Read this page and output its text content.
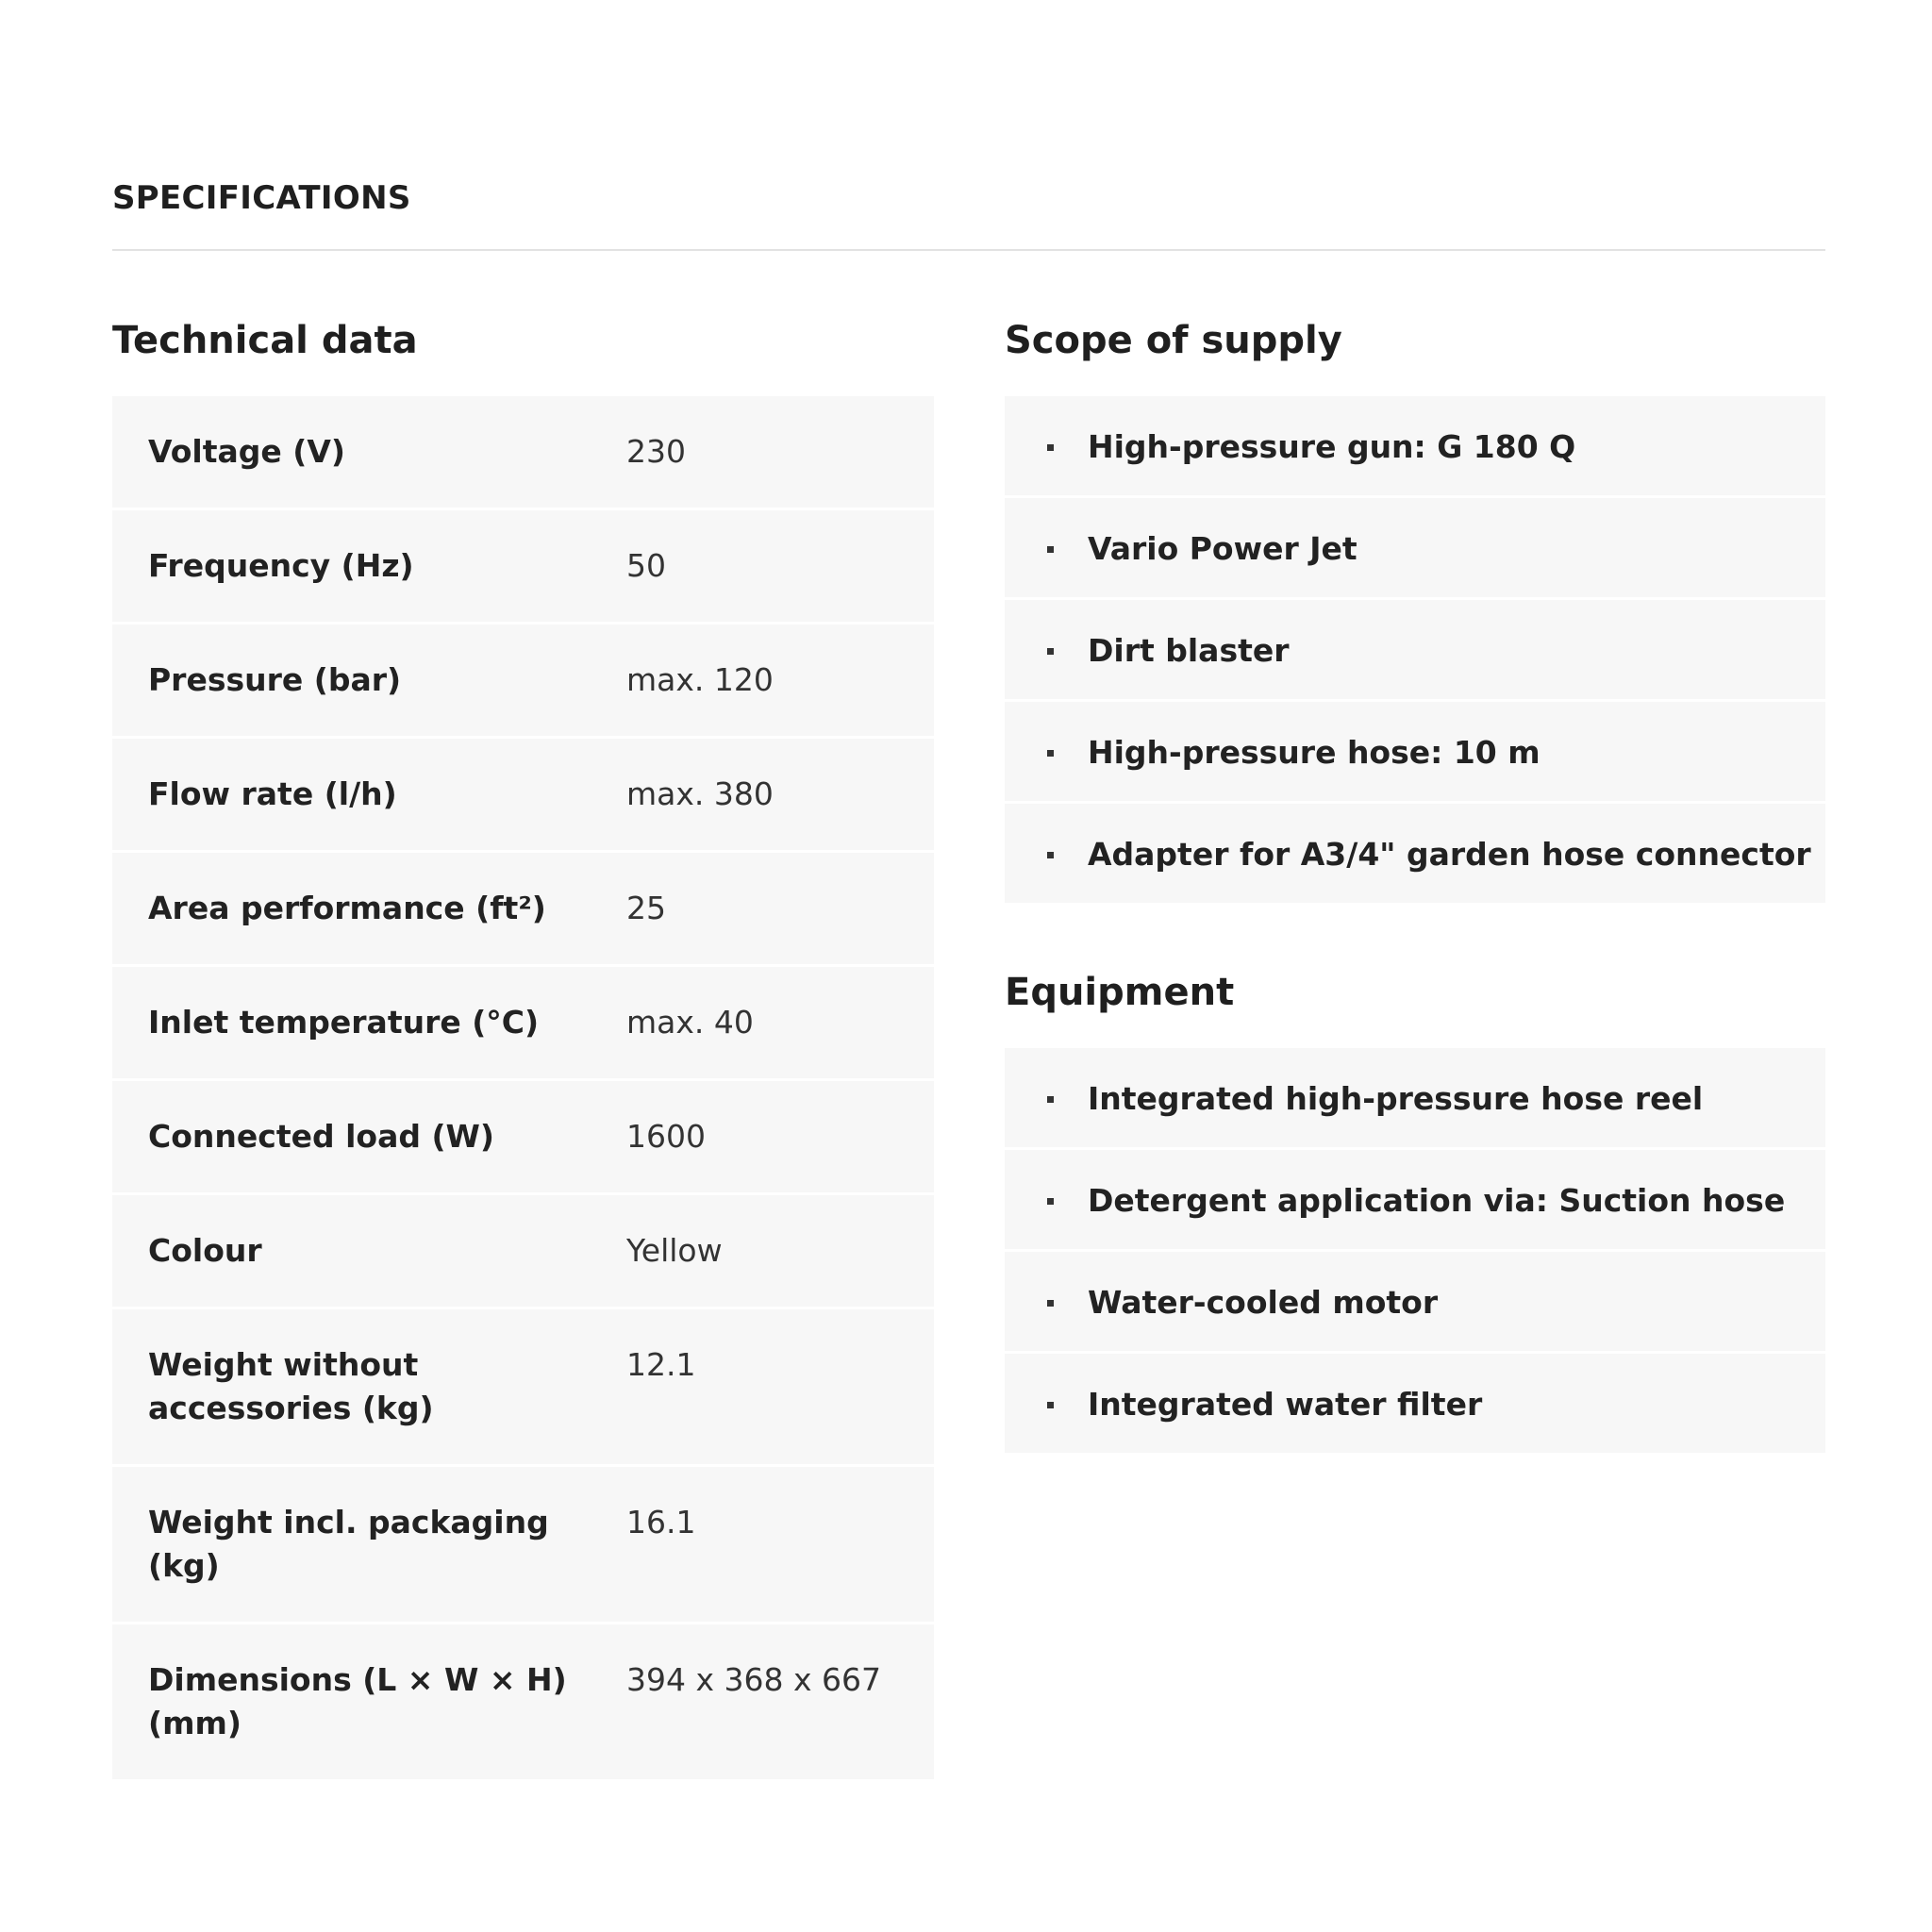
SPECIFICATIONS
Technical data
Voltage (V)	230
Frequency (Hz)	50
Pressure (bar)	max. 120
Flow rate (l/h)	max. 380
Area performance (ft²)	25
Inlet temperature (°C)	max. 40
Connected load (W)	1600
Colour	Yellow
Weight without accessories (kg)	12.1
Weight incl. packaging (kg)	16.1
Dimensions (L × W × H) (mm)	394 x 368 x 667
Scope of supply
High-pressure gun: G 180 Q
Vario Power Jet
Dirt blaster
High-pressure hose: 10 m
Adapter for A3/4" garden hose connector
Equipment
Integrated high-pressure hose reel
Detergent application via: Suction hose
Water-cooled motor
Integrated water filter
